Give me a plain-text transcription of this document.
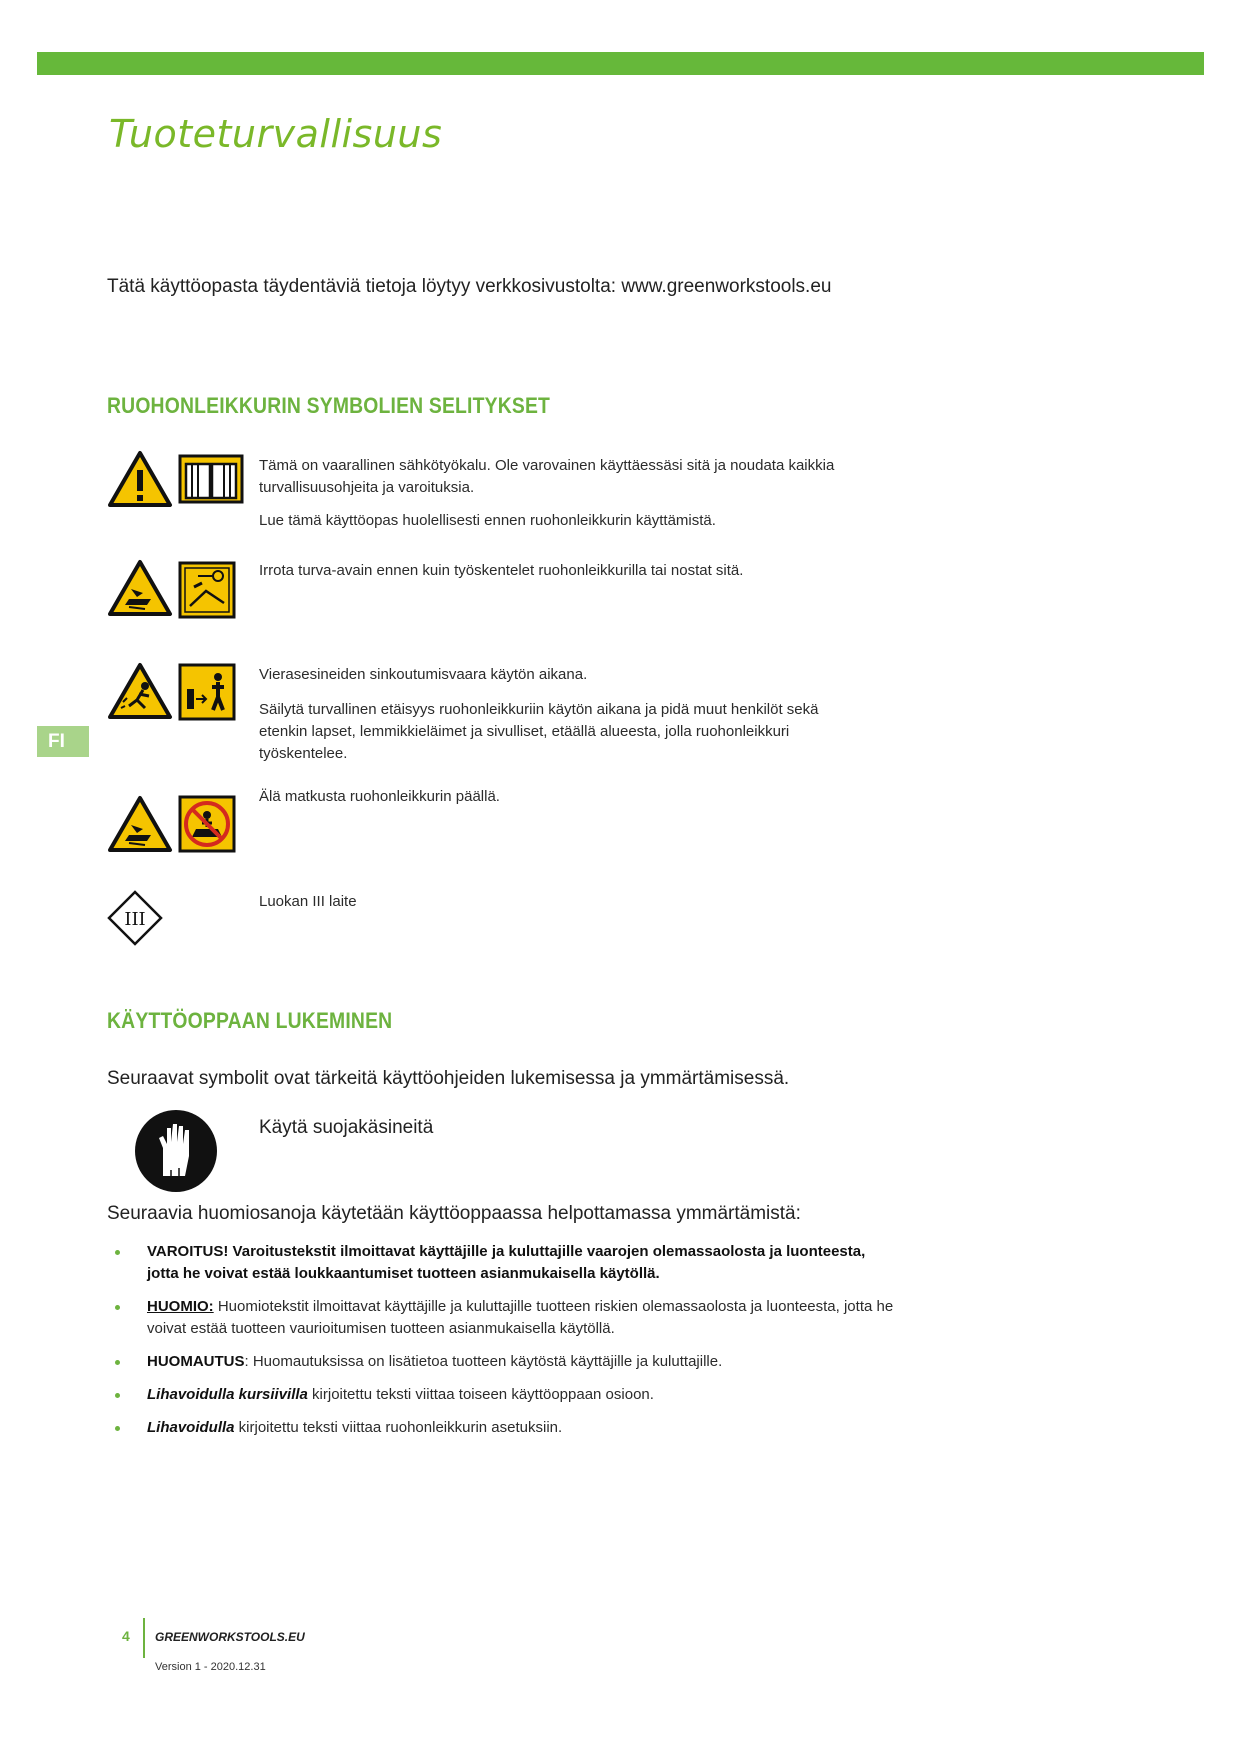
Tuoteturvallisuus
Tätä käyttöopasta täydentäviä tietoja löytyy verkkosivustolta: www.greenworkstools.eu
RUOHONLEIKKURIN SYMBOLIEN SELITYKSET
FI

Tämä on vaarallinen sähkötyökalu. Ole varovainen käyttäessäsi sitä ja noudata kaikkia turvallisuusohjeita ja varoituksia.

Lue tämä käyttöopas huolellisesti ennen ruohonleikkurin käyttämistä.

Irrota turva-avain ennen kuin työskentelet ruohonleikkurilla tai nostat sitä.

Vierasesineiden sinkoutumisvaara käytön aikana.

Säilytä turvallinen etäisyys ruohonleikkuriin käytön aikana ja pidä muut henkilöt sekä etenkin lapset, lemmikkieläimet ja sivulliset, etäällä alueesta, jolla ruohonleikkuri työskentelee.

Älä matkusta ruohonleikkurin päällä.

III

Luokan III laite

KÄYTTÖOPPAAN LUKEMINEN

Seuraavat symbolit ovat tärkeitä käyttöohjeiden lukemisessa ja ymmärtämisessä.

Käytä suojakäsineitä

Seuraavia huomiosanoja käytetään käyttöoppaassa helpottamassa ymmärtämistä:

VAROITUS! Varoitustekstit ilmoittavat käyttäjille ja kuluttajille vaarojen olemassaolosta ja luonteesta, jotta he voivat estää loukkaantumiset tuotteen asianmukaisella käytöllä.
HUOMIO: Huomiotekstit ilmoittavat käyttäjille ja kuluttajille tuotteen riskien olemassaolosta ja luonteesta, jotta he voivat estää tuotteen vaurioitumisen tuotteen asianmukaisella käytöllä.
HUOMAUTUS: Huomautuksissa on lisätietoa tuotteen käytöstä käyttäjille ja kuluttajille.
Lihavoidulla kursiivilla kirjoitettu teksti viittaa toiseen käyttöoppaan osioon.
Lihavoidulla kirjoitettu teksti viittaa ruohonleikkurin asetuksiin.
4 GREENWORKSTOOLS.EU
Version 1 - 2020.12.31
